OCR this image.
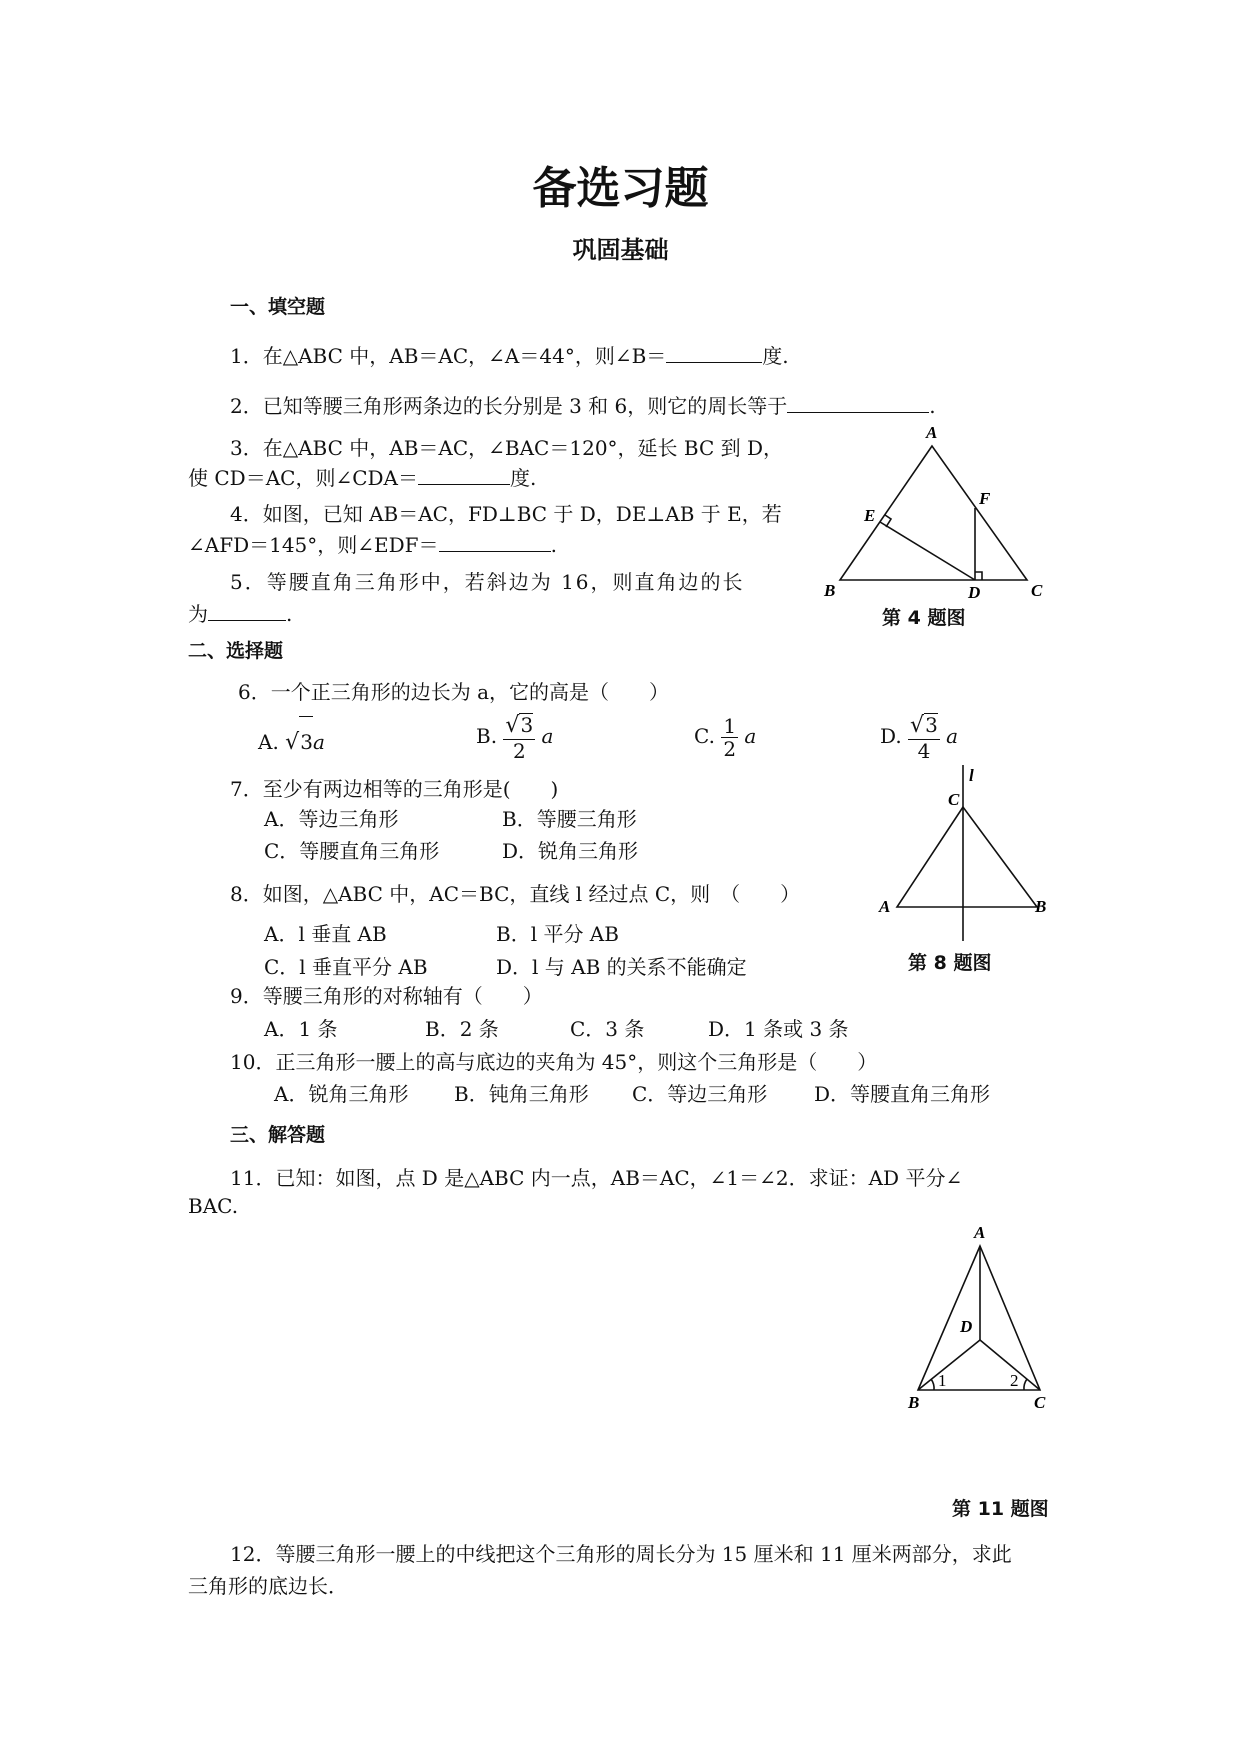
备选习题
巩固基础
一、填空题
1．在△ABC 中，AB＝AC，∠A＝44°，则∠B＝	度.
2．已知等腰三角形两条边的长分别是 3 和 6，则它的周长等于	.
3．在△ABC 中，AB＝AC，∠BAC＝120°，延长 BC 到 D，
使 CD＝AC，则∠CDA＝	度.
4．如图，已知 AB＝AC，FD⊥BC 于 D，DE⊥AB 于 E，若
∠AFD＝145°，则∠EDF＝	.
5．等腰直角三角形中，若斜边为 16，则直角边的长
为	.
A
B	C
D
E
F
第 4 题图
二、选择题
6．一个正三角形的边长为 a，它的高是（　　）
A. √3a	B. $\frac{√3}{2}$ a	C. $\frac{1}{2}$ a	D. $\frac{√3}{4}$ a
7．至少有两边相等的三角形是(　　)
A．等边三角形	B．等腰三角形
C．等腰直角三角形	D．锐角三角形
8．如图，△ABC 中，AC＝BC，直线 l 经过点 C，则　（　　）
A．l 垂直 AB	B．l 平分 AB
C．l 垂直平分 AB	D．l 与 AB 的关系不能确定
l
C
A	B
第 8 题图
9．等腰三角形的对称轴有（　　）
A．1 条	B．2 条	C．3 条	D．1 条或 3 条
10．正三角形一腰上的高与底边的夹角为 45°，则这个三角形是（　　）
A．锐角三角形 B．钝角三角形 C．等边三角形 D．等腰直角三角形
三、解答题
11．已知：如图，点 D 是△ABC 内一点，AB＝AC，∠1＝∠2．求证：AD 平分∠
BAC.
A
D
B	C
1	2
第 11 题图
12．等腰三角形一腰上的中线把这个三角形的周长分为 15 厘米和 11 厘米两部分，求此
三角形的底边长．
